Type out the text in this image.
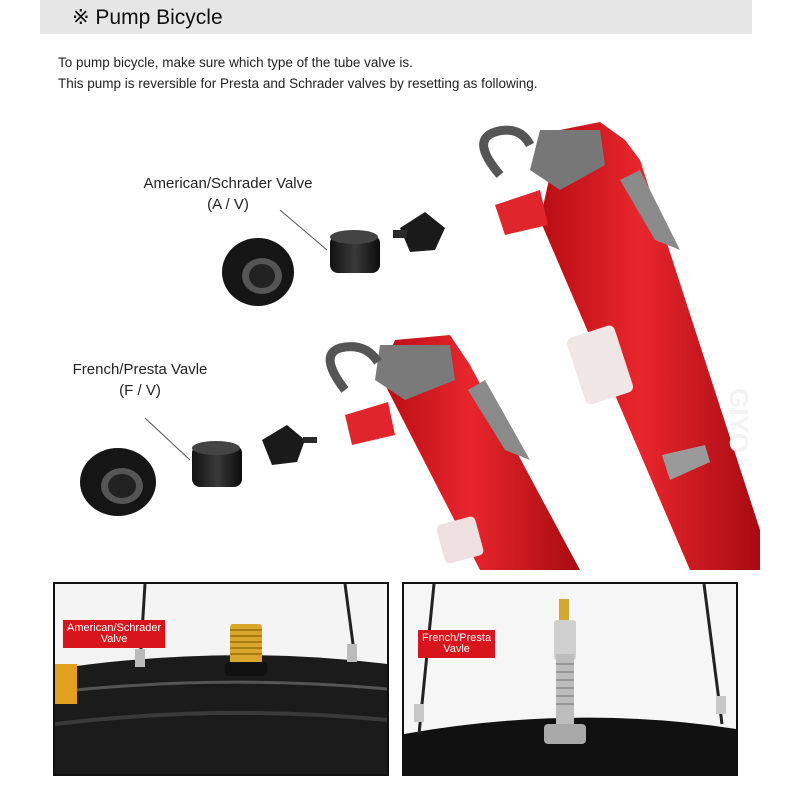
※ Pump Bicycle
To pump bicycle, make sure which type of the tube valve is.
This pump is reversible for Presta and Schrader valves by resetting as following.
GIYO
American/Schrader Valve
(A / V)
French/Presta Vavle
(F / V)
American/Schrader
Valve	French/Presta
Vavle
